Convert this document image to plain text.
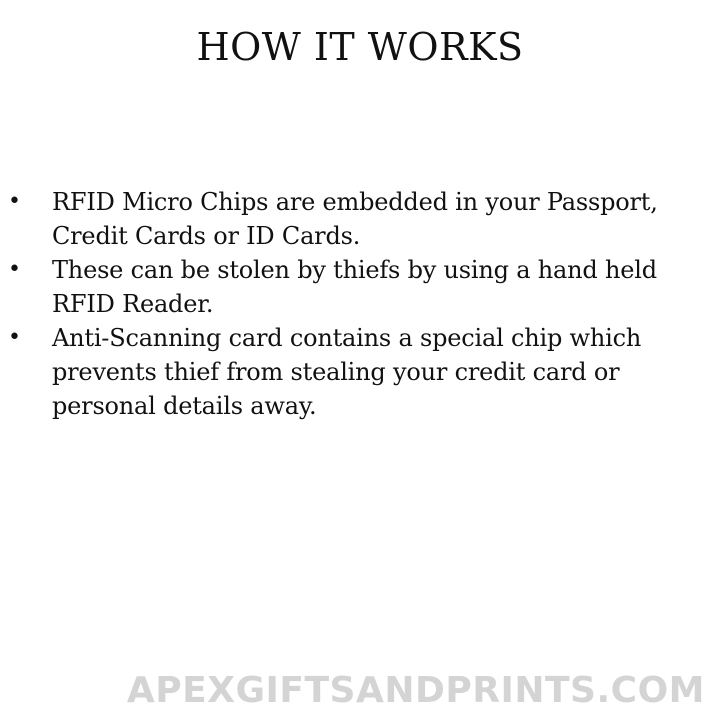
HOW IT WORKS
•	RFID Micro Chips are embedded in your Passport, Credit Cards or ID Cards.
•	These can be stolen by thiefs by using a hand held RFID Reader.
•	Anti-Scanning card contains a special chip which prevents thief from stealing your credit card or personal details away.
APEXGIFTSANDPRINTS.COM
